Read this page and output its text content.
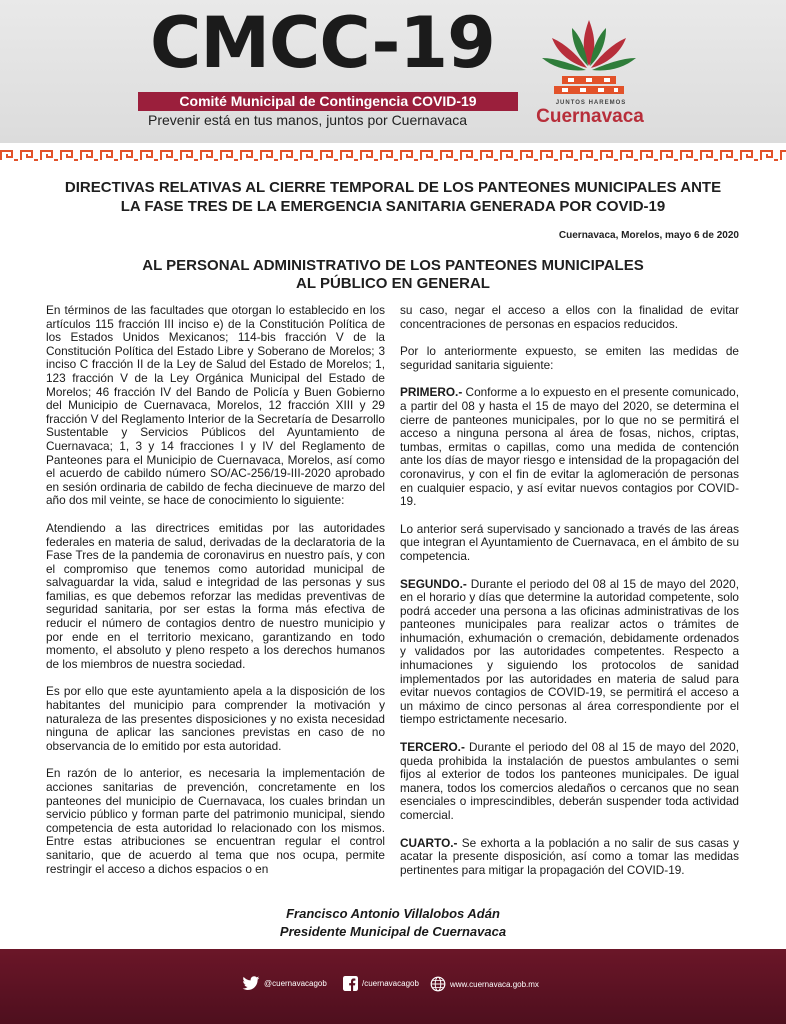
CMCC-19
Comité Municipal de Contingencia COVID-19
Prevenir está en tus manos, juntos por Cuernavaca
JUNTOS HAREMOS
Cuernavaca
DIRECTIVAS RELATIVAS AL CIERRE TEMPORAL DE LOS PANTEONES MUNICIPALES ANTE
LA FASE TRES DE LA EMERGENCIA SANITARIA GENERADA POR COVID-19
Cuernavaca, Morelos, mayo 6 de 2020
AL PERSONAL ADMINISTRATIVO DE LOS PANTEONES MUNICIPALES
AL PÚBLICO EN GENERAL

En términos de las facultades que otorgan lo establecido en los artículos 115 fracción III inciso e) de la Constitución Política de los Estados Unidos Mexicanos; 114-bis fracción V de la Constitución Política del Estado Libre y Soberano de Morelos; 3 inciso C fracción II de la Ley de Salud del Estado de Morelos; 1, 123 fracción V de la Ley Orgánica Municipal del Estado de Morelos; 46 fracción IV del Bando de Policía y Buen Gobierno del Municipio de Cuernavaca, Morelos, 12 fracción XIII y 29 fracción V del Reglamento Interior de la Secretaría de Desarrollo Sustentable y Servicios Públicos del Ayuntamiento de Cuernavaca; 1, 3 y 14 fracciones I y IV del Reglamento de Panteones para el Municipio de Cuernavaca, Morelos, así como el acuerdo de cabildo número SO/AC-256/19-III-2020 aprobado en sesión ordinaria de cabildo de fecha diecinueve de marzo del año dos mil veinte, se hace de conocimiento lo siguiente:

Atendiendo a las directrices emitidas por las autoridades federales en materia de salud, derivadas de la declaratoria de la Fase Tres de la pandemia de coronavirus en nuestro país, y con el compromiso que tenemos como autoridad municipal de salvaguardar la vida, salud e integridad de las personas y sus familias, es que debemos reforzar las medidas preventivas de seguridad sanitaria, por ser estas la forma más efectiva de reducir el número de contagios dentro de nuestro municipio y por ende en el territorio mexicano, garantizando en todo momento, el absoluto y pleno respeto a los derechos humanos de los miembros de nuestra sociedad.

Es por ello que este ayuntamiento apela a la disposición de los habitantes del municipio para comprender la motivación y naturaleza de las presentes disposiciones y no exista necesidad ninguna de aplicar las sanciones previstas en caso de no observancia de lo emitido por esta autoridad.

En razón de lo anterior, es necesaria la implementación de acciones sanitarias de prevención, concretamente en los panteones del municipio de Cuernavaca, los cuales brindan un servicio público y forman parte del patrimonio municipal, siendo competencia de esta autoridad lo relacionado con los mismos. Entre estas atribuciones se encuentran regular el control sanitario, que de acuerdo al tema que nos ocupa, permite restringir el acceso a dichos espacios o en

su caso, negar el acceso a ellos con la finalidad de evitar concentraciones de personas en espacios reducidos.

Por lo anteriormente expuesto, se emiten las medidas de seguridad sanitaria siguiente:

PRIMERO.- Conforme a lo expuesto en el presente comunicado, a partir del 08 y hasta el 15 de mayo del 2020, se determina el cierre de panteones municipales, por lo que no se permitirá el acceso a ninguna persona al área de fosas, nichos, criptas, tumbas, ermitas o capillas, como una medida de contención ante los días de mayor riesgo e intensidad de la propagación del coronavirus, y con el fin de evitar la aglomeración de personas en cualquier espacio, y así evitar nuevos contagios por COVID-19.

Lo anterior será supervisado y sancionado a través de las áreas que integran el Ayuntamiento de Cuernavaca, en el ámbito de su competencia.

SEGUNDO.- Durante el periodo del 08 al 15 de mayo del 2020, en el horario y días que determine la autoridad competente, solo podrá acceder una persona a las oficinas administrativas de los panteones municipales para realizar actos o trámites de inhumación, exhumación o cremación, debidamente ordenados y validados por las autoridades competentes. Respecto a inhumaciones y siguiendo los protocolos de sanidad implementados por las autoridades en materia de salud para evitar nuevos contagios de COVID-19, se permitirá el acceso a un máximo de cinco personas al área correspondiente por el tiempo estrictamente necesario.

TERCERO.- Durante el periodo del 08 al 15 de mayo del 2020, queda prohibida la instalación de puestos ambulantes o semi fijos al exterior de todos los panteones municipales. De igual manera, todos los comercios aledaños o cercanos que no sean esenciales o imprescindibles, deberán suspender toda actividad comercial.

CUARTO.- Se exhorta a la población a no salir de sus casas y acatar la presente disposición, así como a tomar las medidas pertinentes para mitigar la propagación del COVID-19.

Francisco Antonio Villalobos Adán
Presidente Municipal de Cuernavaca
@cuernavacagob	/cuernavacagob	www.cuernavaca.gob.mx
